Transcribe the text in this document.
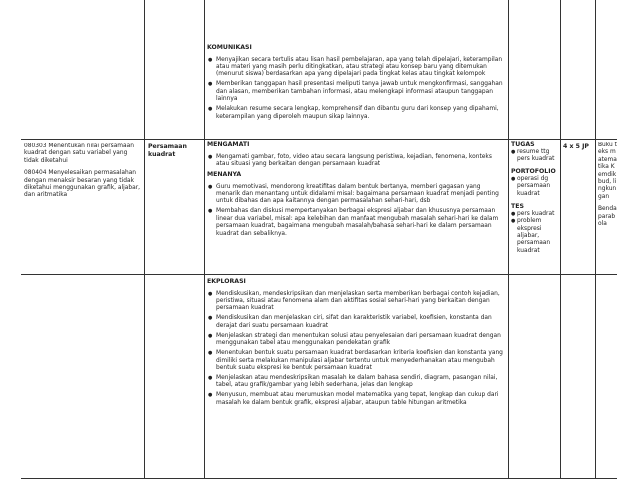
KOMUNIKASI
● Menyajikan secara tertulis atau lisan hasil pembelajaran, apa yang telah dipelajari, keterampilan atau materi yang masih perlu ditingkatkan, atau strategi atau konsep baru yang ditemukan (menurut siswa) berdasarkan apa yang dipelajari pada tingkat kelas atau tingkat kelompok
● Memberikan tanggapan hasil presentasi meliputi tanya jawab untuk mengkonfirmasi, sanggahan dan alasan, memberikan tambahan informasi, atau melengkapi informasi ataupun tanggapan lainnya
● Melakukan resume secara lengkap, komprehensif dan dibantu guru dari konsep yang dipahami, keterampilan yang diperoleh maupun sikap lainnya.
080303 Menentukan nilai persamaan kuadrat dengan satu variabel yang tidak diketahui
080404 Menyelesaikan permasalahan dengan menaksir besaran yang tidak diketahui menggunakan grafik, aljabar, dan aritmatika
Persamaan kuadrat
MENGAMATI
● Mengamati gambar, foto, video atau secara langsung peristiwa, kejadian, fenomena, konteks atau situasi yang berkaitan dengan persamaan kuadrat
MENANYA
● Guru memotivasi, mendorong kreatifitas dalam bentuk bertanya, memberi gagasan yang menarik dan menantang untuk didalami misal: bagaimana persamaan kuadrat menjadi penting untuk dibahas dan apa kaitannya dengan permasalahan sehari-hari, dsb
● Membahas dan diskusi mempertanyakan berbagai ekspresi aljabar dan khususnya persamaan linear dua variabel, misal: apa kelebihan dan manfaat mengubah masalah sehari-hari ke dalam persamaan kuadrat, bagaimana mengubah masalah/bahasa sehari-hari ke dalam persamaan kuadrat dan sebaliknya.
TUGAS
● resume ttg pers kuadrat
PORTOFOLIO
● operasi dg persamaan kuadrat
TES
● pers kuadrat
● problem ekspresi aljabar, persamaan kuadrat
4 x 5 JP	Buku teks matematika Kemdikbud, lingkungan
Benda parabola
EKPLORASI
● Mendiskusikan, mendeskripsikan dan menjelaskan serta memberikan berbagai contoh kejadian, peristiwa, situasi atau fenomena alam dan aktifitas sosial sehari-hari yang berkaitan dengan persamaan kuadrat
● Mendiskusikan dan menjelaskan ciri, sifat dan karakteristik variabel, koefisien, konstanta dan derajat dari suatu persamaan kuadrat
● Menjelaskan strategi dan menentukan solusi atau penyelesaian dari persamaan kuadrat dengan menggunakan tabel atau menggunakan pendekatan grafik
● Menentukan bentuk suatu persamaan kuadrat berdasarkan kriteria koefisien dan konstanta yang dimiliki serta melakukan manipulasi aljabar tertentu untuk menyederhanakan atau mengubah bentuk suatu ekspresi ke bentuk persamaan kuadrat
● Menjelaskan atau mendeskripsikan masalah ke dalam bahasa sendiri, diagram, pasangan nilai, tabel, atau grafik/gambar yang lebih sederhana, jelas dan lengkap
● Menyusun, membuat atau merumuskan model matematika yang tepat, lengkap dan cukup dari masalah ke dalam bentuk grafik, ekspresi aljabar, ataupun table hitungan aritmetika
